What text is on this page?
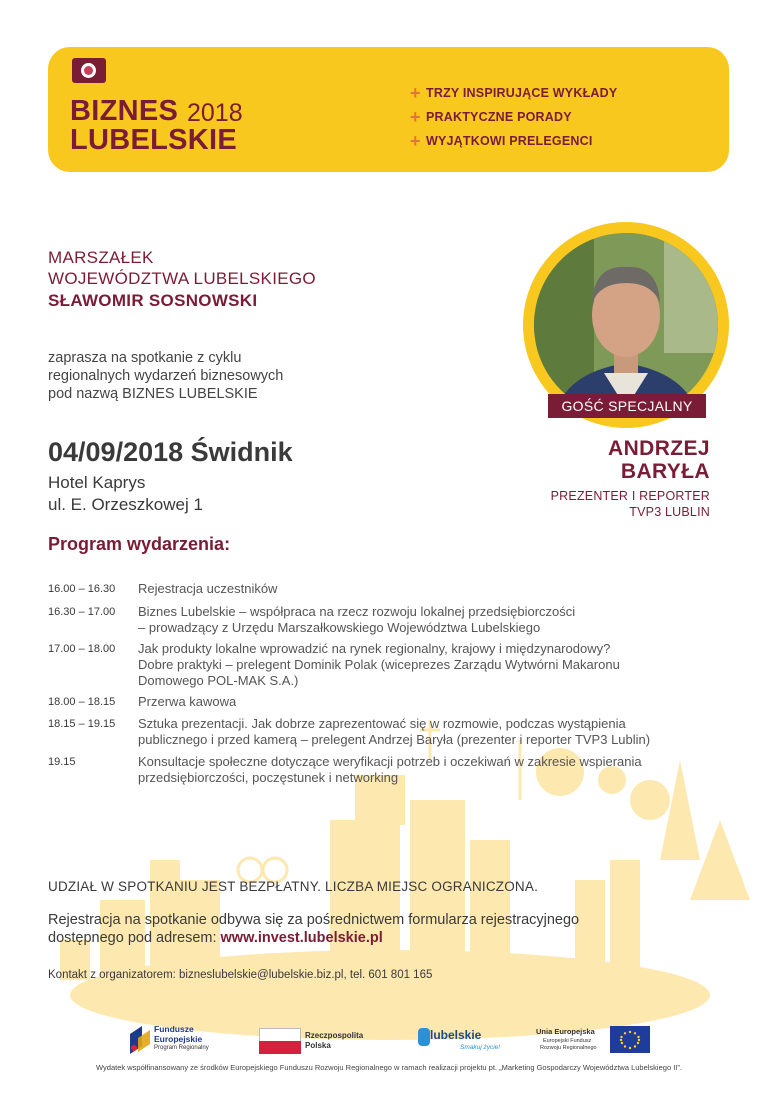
BIZNES 2018
LUBELSKIE
+ TRZY INSPIRUJĄCE WYKŁADY
+ PRAKTYCZNE PORADY
+ WYJĄTKOWI PRELEGENCI
MARSZAŁEK
WOJEWÓDZTWA LUBELSKIEGO
SŁAWOMIR SOSNOWSKI
zaprasza na spotkanie z cyklu
regionalnych wydarzeń biznesowych
pod nazwą BIZNES LUBELSKIE
04/09/2018 Świdnik
Hotel Kaprys
ul. E. Orzeszkowej 1
GOŚĆ SPECJALNY
ANDRZEJ
BARYŁA
PREZENTER I REPORTER
TVP3 LUBLIN
Program wydarzenia:
16.00 – 16.30 Rejestracja uczestników
16.30 – 17.00 Biznes Lubelskie – współpraca na rzecz rozwoju lokalnej przedsiębiorczości
– prowadzący z Urzędu Marszałkowskiego Województwa Lubelskiego
17.00 – 18.00 Jak produkty lokalne wprowadzić na rynek regionalny, krajowy i międzynarodowy?
Dobre praktyki – prelegent Dominik Polak (wiceprezes Zarządu Wytwórni Makaronu
Domowego POL-MAK S.A.)
18.00 – 18.15 Przerwa kawowa
18.15 – 19.15 Sztuka prezentacji. Jak dobrze zaprezentować się w rozmowie, podczas wystąpienia
publicznego i przed kamerą – prelegent Andrzej Baryła (prezenter i reporter TVP3 Lublin)
19.15	Konsultacje społeczne dotyczące weryfikacji potrzeb i oczekiwań w zakresie wspierania
przedsiębiorczości, poczęstunek i networking
UDZIAŁ W SPOTKANIU JEST BEZPŁATNY. LICZBA MIEJSC OGRANICZONA.
Rejestracja na spotkanie odbywa się za pośrednictwem formularza rejestracyjnego
dostępnego pod adresem: www.invest.lubelskie.pl
Kontakt z organizatorem: bizneslubelskie@lubelskie.biz.pl, tel. 601 801 165
Fundusze
Europejskie
Program Regionalny
Rzeczpospolita
Polska
lubelskie
Smakuj życie!
Unia Europejska
Europejski Fundusz
Rozwoju Regionalnego
Wydatek współfinansowany ze środków Europejskiego Funduszu Rozwoju Regionalnego w ramach realizacji projektu pt. „Marketing Gospodarczy Województwa Lubelskiego II”.
